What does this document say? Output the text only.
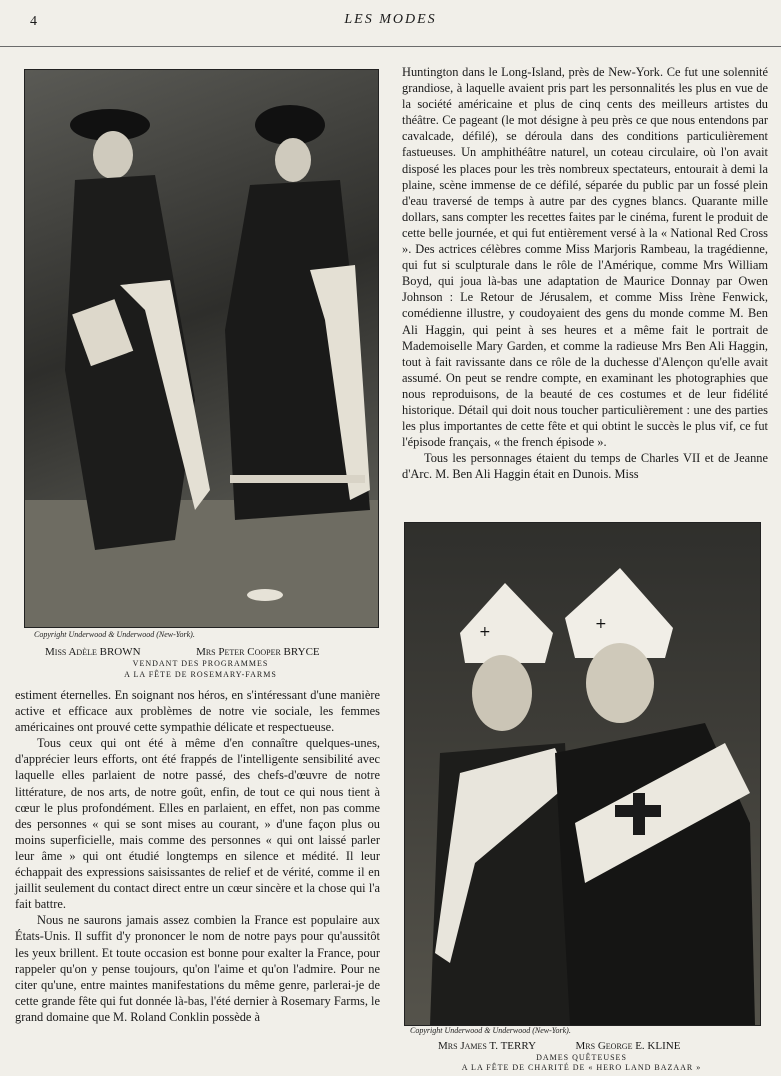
4	LES MODES
Copyright Underwood & Underwood (New-York).
Miss Adèle BROWN	Mrs Peter Cooper BRYCE
VENDANT DES PROGRAMMES
A LA FÊTE DE ROSEMARY-FARMS

estiment éternelles. En soignant nos héros, en s'intéressant d'une manière active et efficace aux problèmes de notre vie sociale, les femmes américaines ont prouvé cette sympathie délicate et respectueuse.

Tous ceux qui ont été à même d'en connaître quelques-unes, d'apprécier leurs efforts, ont été frappés de l'intelligente sensibilité avec laquelle elles parlaient de notre passé, des chefs-d'œuvre de notre littérature, de nos arts, de notre goût, enfin, de tout ce qui nous tient à cœur le plus profondément. Elles en parlaient, en effet, non pas comme des personnes « qui se sont mises au courant, » d'une façon plus ou moins superficielle, mais comme des personnes « qui ont laissé parler leur âme » qui ont étudié longtemps en silence et médité. Il leur échappait des expressions saisissantes de relief et de vérité, comme il en jaillit seulement du contact direct entre un cœur sincère et la chose qui l'a fait battre.

Nous ne saurons jamais assez combien la France est populaire aux États-Unis. Il suffit d'y prononcer le nom de notre pays pour qu'aussitôt les yeux brillent. Et toute occasion est bonne pour exalter la France, pour rappeler qu'on y pense toujours, qu'on l'aime et qu'on l'admire. Pour ne citer qu'une, entre maintes manifestations du même genre, parlerai-je de cette grande fête qui fut donnée là-bas, l'été dernier à Rosemary Farms, le grand domaine que M. Roland Conklin possède à

Huntington dans le Long-Island, près de New-York. Ce fut une solennité grandiose, à laquelle avaient pris part les personnalités les plus en vue de la société américaine et plus de cinq cents des meilleurs artistes du théâtre. Ce pageant (le mot désigne à peu près ce que nous entendons par cavalcade, défilé), se déroula dans des conditions particulièrement fastueuses. Un amphithéâtre naturel, un coteau circulaire, où l'on avait disposé les places pour les très nombreux spectateurs, entourait à demi la plaine, scène immense de ce défilé, séparée du public par un fossé plein d'eau traversé de temps à autre par des cygnes blancs. Quarante mille dollars, sans compter les recettes faites par le cinéma, furent le produit de cette belle journée, et qui fut entièrement versé à la « National Red Cross ». Des actrices célèbres comme Miss Marjoris Rambeau, la tragédienne, qui fut si sculpturale dans le rôle de l'Amérique, comme Mrs William Boyd, qui joua là-bas une adaptation de Maurice Donnay par Owen Johnson : Le Retour de Jérusalem, et comme Miss Irène Fenwick, comédienne illustre, y coudoyaient des gens du monde comme M. Ben Ali Haggin, qui peint à ses heures et a même fait le portrait de Mademoiselle Mary Garden, et comme la radieuse Mrs Ben Ali Haggin, tout à fait ravissante dans ce rôle de la duchesse d'Alençon qu'elle avait assumé. On peut se rendre compte, en examinant les photographies que nous reproduisons, de la beauté de ces costumes et de leur fidélité historique. Détail qui doit nous toucher particulièrement : une des parties les plus importantes de cette fête et qui obtint le succès le plus vif, ce fut l'épisode français, « the french épisode ».

Tous les personnages étaient du temps de Charles VII et de Jeanne d'Arc. M. Ben Ali Haggin était en Dunois. Miss

+	+
Copyright Underwood & Underwood (New-York).
Mrs James T. TERRY	Mrs George E. KLINE
DAMES QUÊTEUSES
A LA FÊTE DE CHARITÉ DE « HERO LAND BAZAAR »
